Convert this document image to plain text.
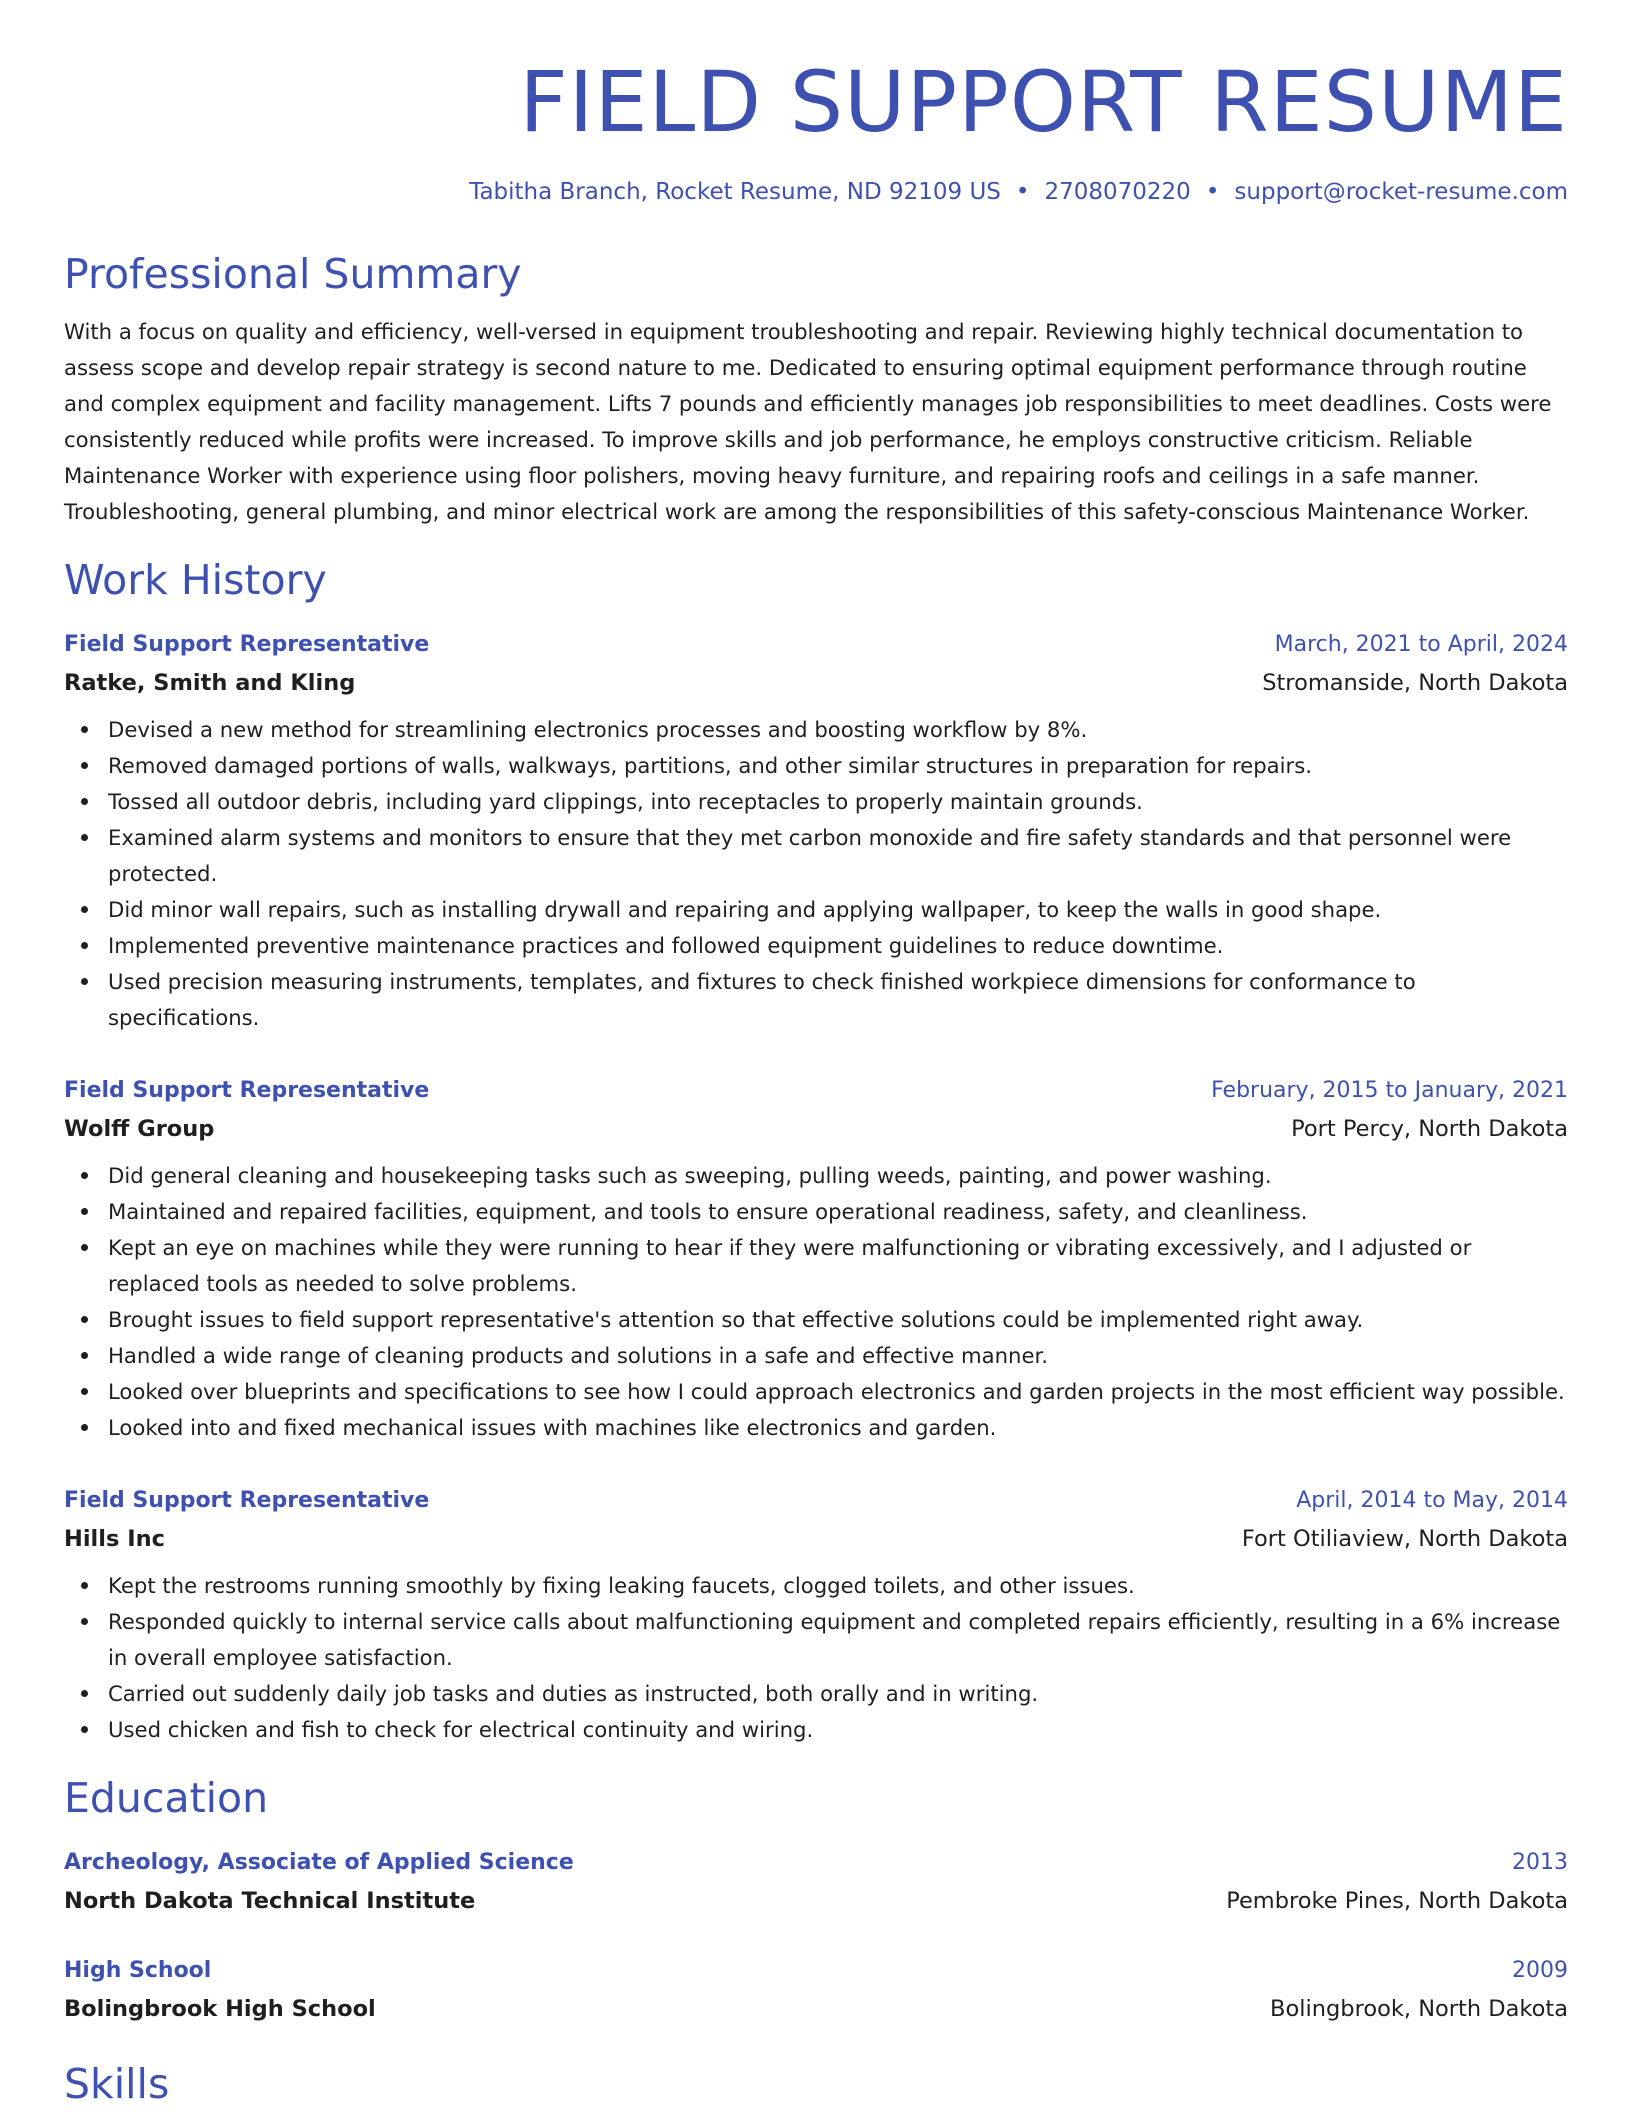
FIELD SUPPORT RESUME
Tabitha Branch, Rocket Resume, ND 92109 US • 2708070220 • support@rocket-resume.com
Professional Summary

With a focus on quality and efficiency, well-versed in equipment troubleshooting and repair. Reviewing highly technical documentation to assess scope and develop repair strategy is second nature to me. Dedicated to ensuring optimal equipment performance through routine and complex equipment and facility management. Lifts 7 pounds and efficiently manages job responsibilities to meet deadlines. Costs were consistently reduced while profits were increased. To improve skills and job performance, he employs constructive criticism. Reliable Maintenance Worker with experience using floor polishers, moving heavy furniture, and repairing roofs and ceilings in a safe manner. Troubleshooting, general plumbing, and minor electrical work are among the responsibilities of this safety-conscious Maintenance Worker.

Work History
Field Support Representative	March, 2021 to April, 2024
Ratke, Smith and Kling	Stromanside, North Dakota
Devised a new method for streamlining electronics processes and boosting workflow by 8%.
Removed damaged portions of walls, walkways, partitions, and other similar structures in preparation for repairs.
Tossed all outdoor debris, including yard clippings, into receptacles to properly maintain grounds.
Examined alarm systems and monitors to ensure that they met carbon monoxide and fire safety standards and that personnel were protected.
Did minor wall repairs, such as installing drywall and repairing and applying wallpaper, to keep the walls in good shape.
Implemented preventive maintenance practices and followed equipment guidelines to reduce downtime.
Used precision measuring instruments, templates, and fixtures to check finished workpiece dimensions for conformance to specifications.
Field Support Representative	February, 2015 to January, 2021
Wolff Group	Port Percy, North Dakota
Did general cleaning and housekeeping tasks such as sweeping, pulling weeds, painting, and power washing.
Maintained and repaired facilities, equipment, and tools to ensure operational readiness, safety, and cleanliness.
Kept an eye on machines while they were running to hear if they were malfunctioning or vibrating excessively, and I adjusted or replaced tools as needed to solve problems.
Brought issues to field support representative's attention so that effective solutions could be implemented right away.
Handled a wide range of cleaning products and solutions in a safe and effective manner.
Looked over blueprints and specifications to see how I could approach electronics and garden projects in the most efficient way possible.
Looked into and fixed mechanical issues with machines like electronics and garden.
Field Support Representative	April, 2014 to May, 2014
Hills Inc	Fort Otiliaview, North Dakota
Kept the restrooms running smoothly by fixing leaking faucets, clogged toilets, and other issues.
Responded quickly to internal service calls about malfunctioning equipment and completed repairs efficiently, resulting in a 6% increase in overall employee satisfaction.
Carried out suddenly daily job tasks and duties as instructed, both orally and in writing.
Used chicken and fish to check for electrical continuity and wiring.
Education
Archeology, Associate of Applied Science	2013
North Dakota Technical Institute	Pembroke Pines, North Dakota
High School	2009
Bolingbrook High School	Bolingbrook, North Dakota
Skills
